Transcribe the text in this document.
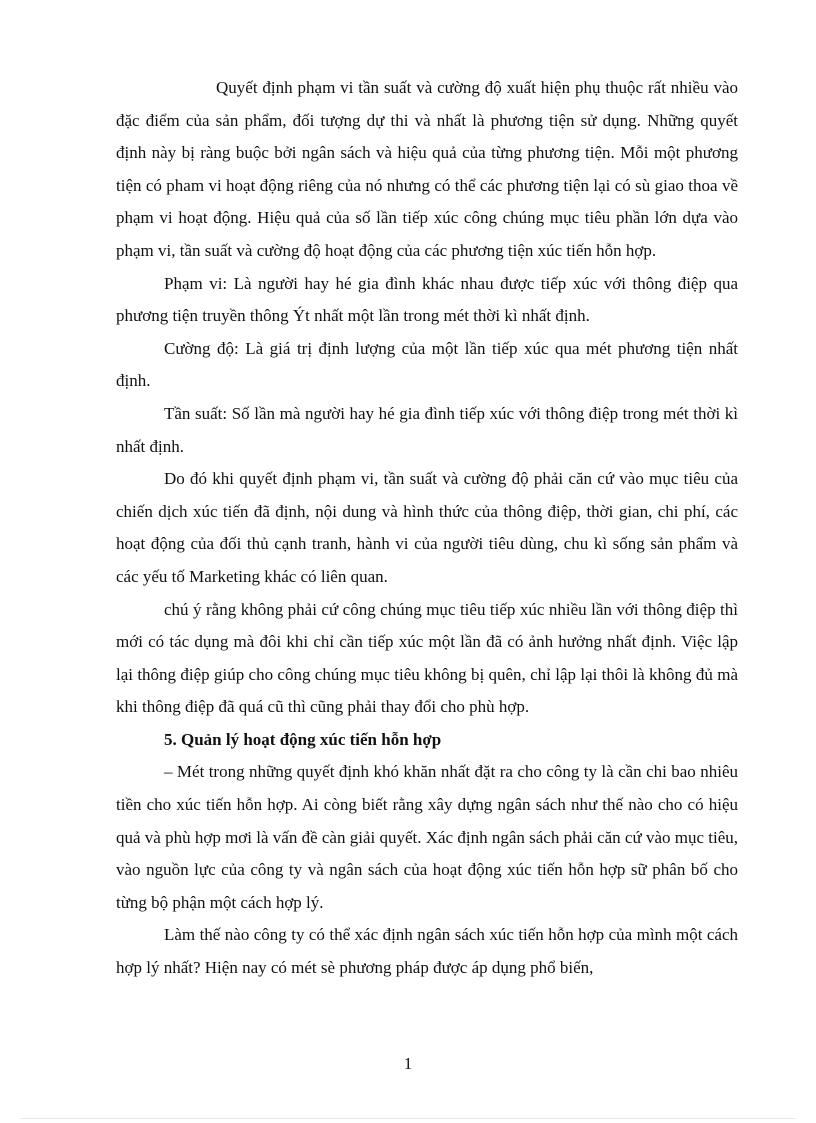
Quyết định phạm vi tần suất và cường độ xuất hiện phụ thuộc rất nhiều vào đặc điểm của sản phẩm, đối tượng dự thi và nhất là phương tiện sử dụng. Những quyết định này bị ràng buộc bởi ngân sách và hiệu quả của từng phương tiện. Mỗi một phương tiện có pham vi hoạt động riêng của nó nhưng có thể các phương tiện lại có sù giao thoa về phạm vi hoạt động. Hiệu quả của số lần tiếp xúc công chúng mục tiêu phần lớn dựa vào phạm vi, tần suất và cường độ hoạt động của các phương tiện xúc tiến hỗn hợp.

Phạm vi: Là người hay hé gia đình khác nhau được tiếp xúc với thông điệp qua phương tiện truyền thông Ýt nhất một lần trong mét thời kì nhất định.

Cường độ: Là giá trị định lượng của một lần tiếp xúc qua mét phương tiện nhất định.

Tần suất: Số lần mà người hay hé gia đình tiếp xúc với thông điệp trong mét thời kì nhất định.

Do đó khi quyết định phạm vi, tần suất và cường độ phải căn cứ vào mục tiêu của chiến dịch xúc tiến đã định, nội dung và hình thức của thông điệp, thời gian, chi phí, các hoạt động của đối thủ cạnh tranh, hành vi của người tiêu dùng, chu kì sống sản phẩm và các yếu tố Marketing khác có liên quan.

chú ý rằng không phải cứ công chúng mục tiêu tiếp xúc nhiều lần với thông điệp thì mới có tác dụng mà đôi khi chỉ cần tiếp xúc một lần đã có ảnh hưởng nhất định. Việc lập lại thông điệp giúp cho công chúng mục tiêu không bị quên, chỉ lập lại thôi là không đủ mà khi thông điệp đã quá cũ thì cũng phải thay đổi cho phù hợp.

5. Quản lý hoạt động xúc tiến hỗn hợp

– Mét trong những quyết định khó khăn nhất đặt ra cho công ty là cần chi bao nhiêu tiền cho xúc tiến hỗn hợp. Ai còng biết rằng xây dựng ngân sách như thế nào cho có hiệu quả và phù hợp mơi là vấn đề càn giải quyết. Xác định ngân sách phải căn cứ vào mục tiêu, vào nguồn lực của công ty và ngân sách của hoạt động xúc tiến hỗn hợp sữ phân bố cho từng bộ phận một cách hợp lý.

Làm thế nào công ty có thể xác định ngân sách xúc tiến hỗn hợp của mình một cách hợp lý nhất? Hiện nay có mét sè phương pháp được áp dụng phổ biến,

1
